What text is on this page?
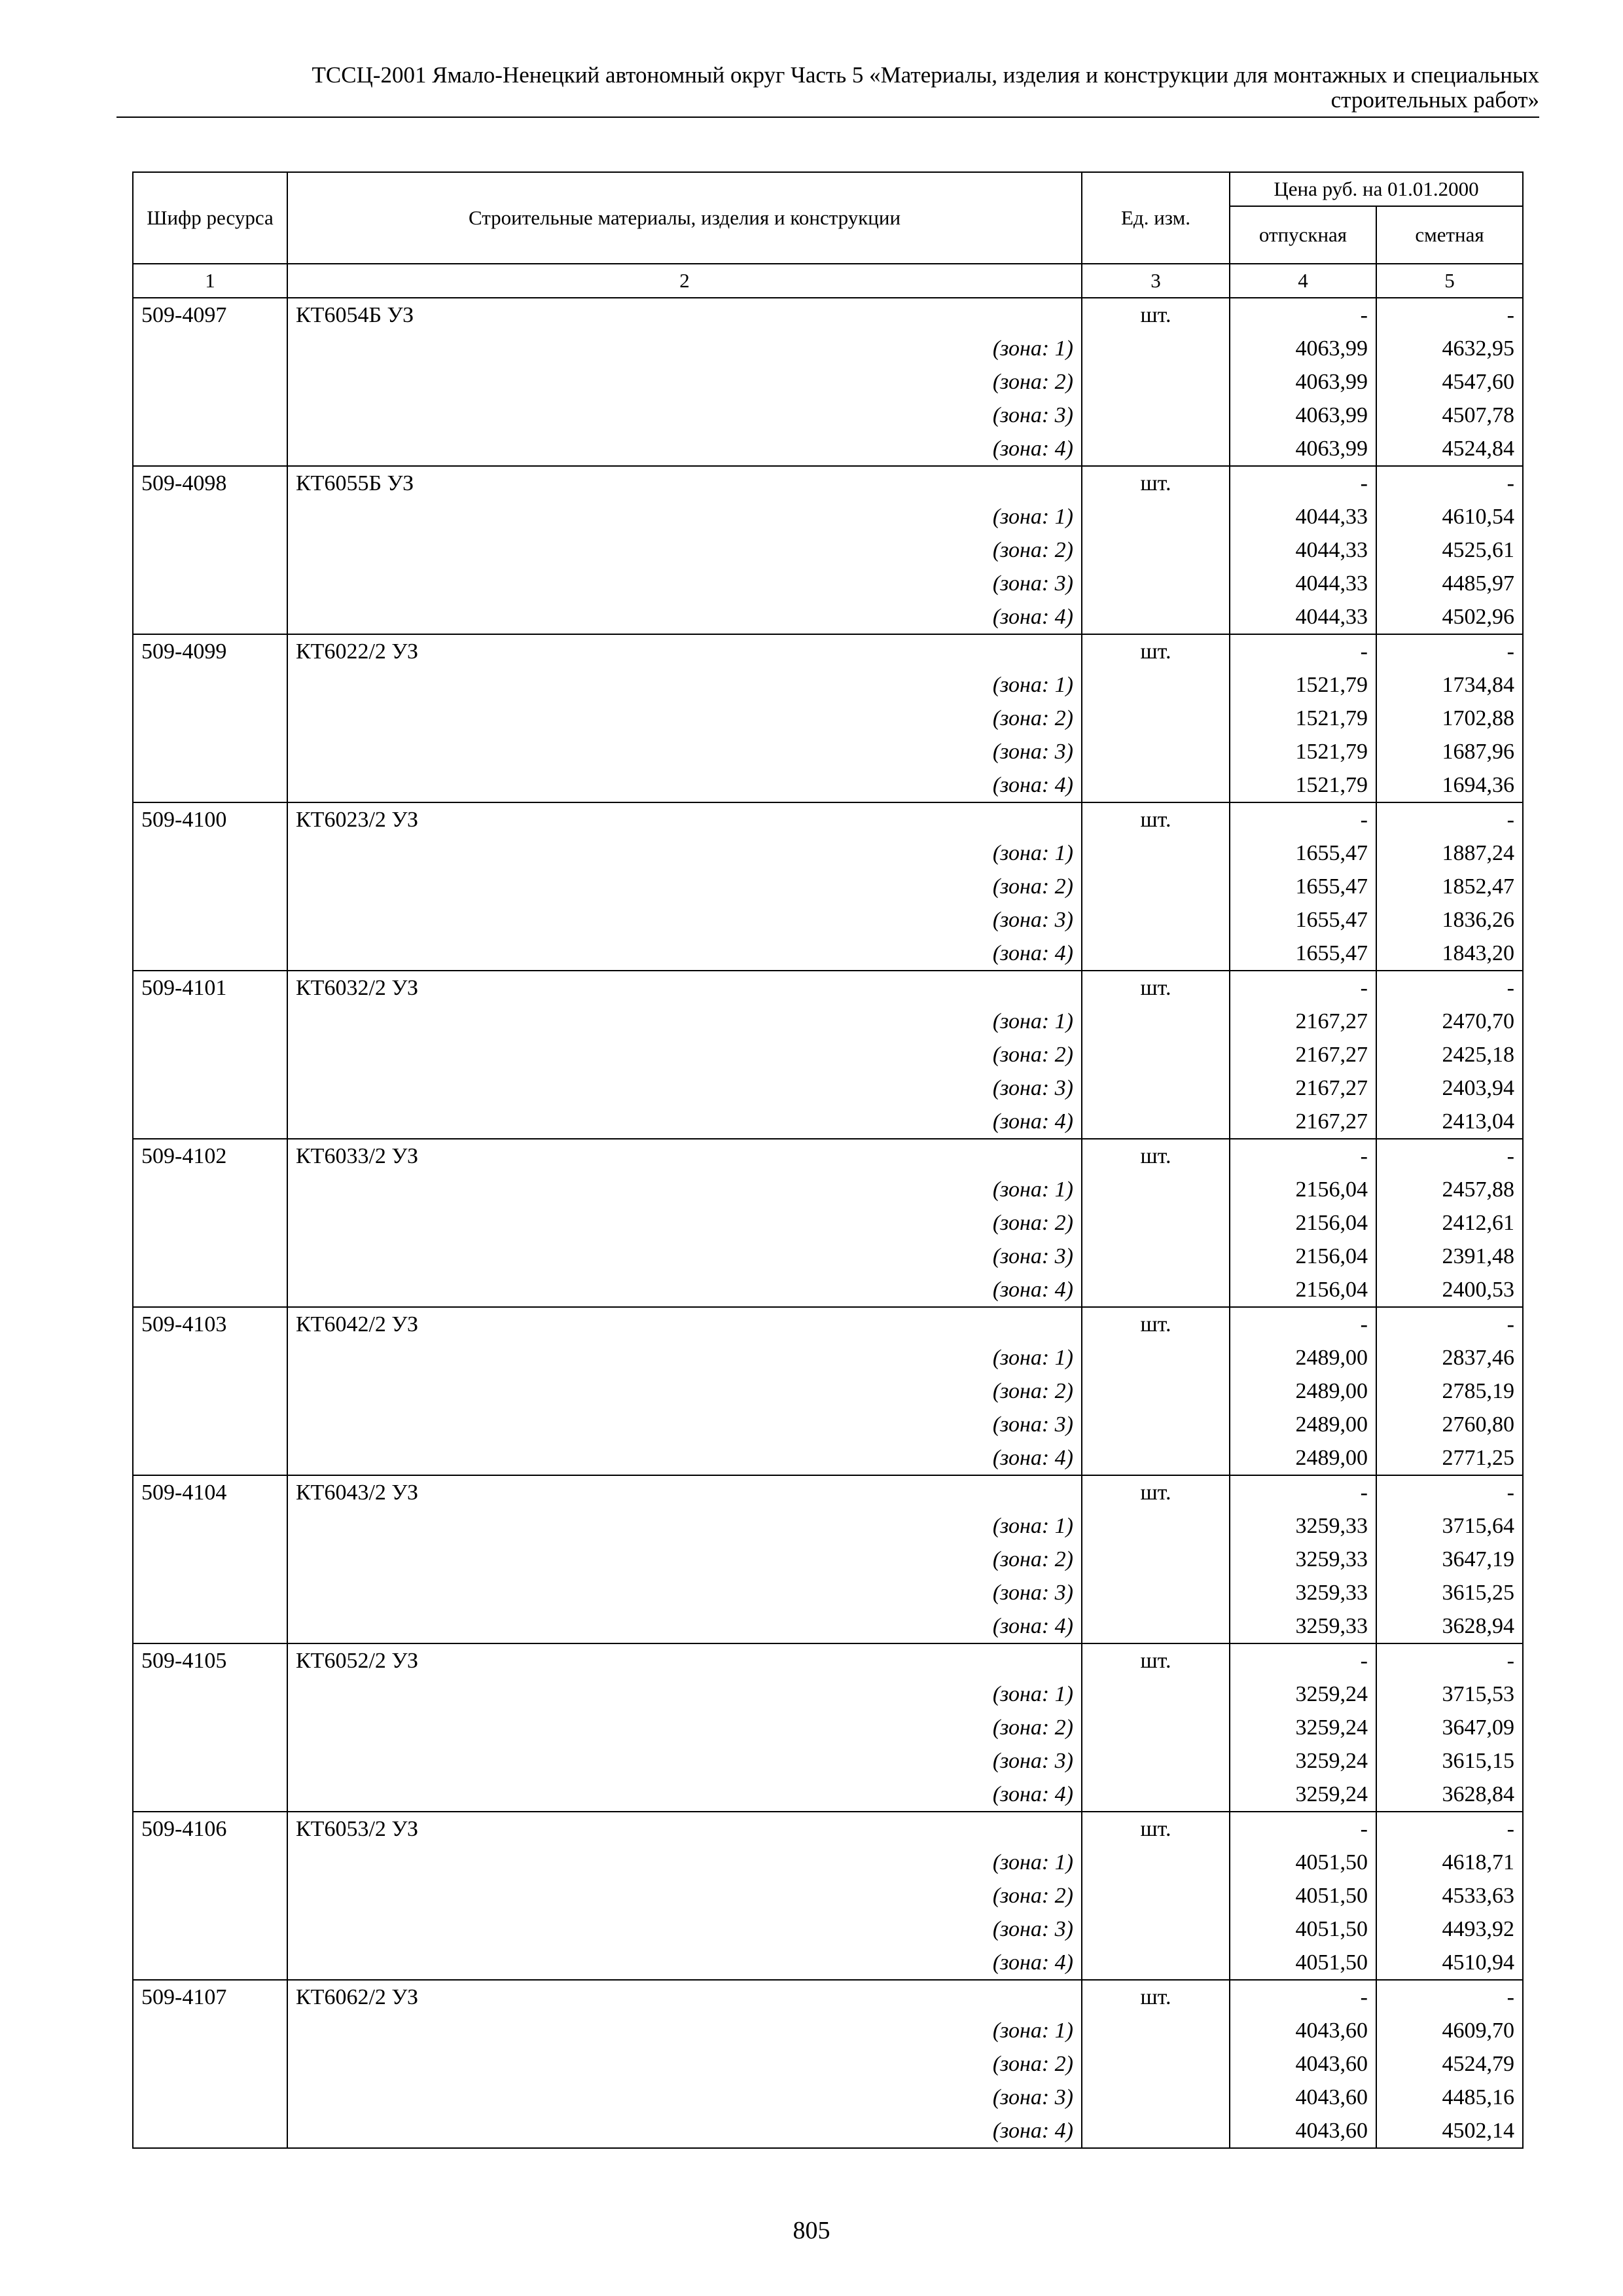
ТССЦ-2001 Ямало-Ненецкий автономный округ Часть 5 «Материалы, изделия и конструкции для монтажных и специальных
строительных работ»
Шифр ресурса	Строительные материалы, изделия и конструкции	Ед. изм.	Цена руб. на 01.01.2000	
			отпускная	сметная
1	2	3	4	5
509-4097	КТ6054Б УЗ	шт.	-	-
	(зона: 1)		4063,99	4632,95
	(зона: 2)		4063,99	4547,60
	(зона: 3)		4063,99	4507,78
	(зона: 4)		4063,99	4524,84
509-4098	КТ6055Б УЗ	шт.	-	-
	(зона: 1)		4044,33	4610,54
	(зона: 2)		4044,33	4525,61
	(зона: 3)		4044,33	4485,97
	(зона: 4)		4044,33	4502,96
509-4099	КТ6022/2 УЗ	шт.	-	-
	(зона: 1)		1521,79	1734,84
	(зона: 2)		1521,79	1702,88
	(зона: 3)		1521,79	1687,96
	(зона: 4)		1521,79	1694,36
509-4100	КТ6023/2 УЗ	шт.	-	-
	(зона: 1)		1655,47	1887,24
	(зона: 2)		1655,47	1852,47
	(зона: 3)		1655,47	1836,26
	(зона: 4)		1655,47	1843,20
509-4101	КТ6032/2 УЗ	шт.	-	-
	(зона: 1)		2167,27	2470,70
	(зона: 2)		2167,27	2425,18
	(зона: 3)		2167,27	2403,94
	(зона: 4)		2167,27	2413,04
509-4102	КТ6033/2 УЗ	шт.	-	-
	(зона: 1)		2156,04	2457,88
	(зона: 2)		2156,04	2412,61
	(зона: 3)		2156,04	2391,48
	(зона: 4)		2156,04	2400,53
509-4103	КТ6042/2 УЗ	шт.	-	-
	(зона: 1)		2489,00	2837,46
	(зона: 2)		2489,00	2785,19
	(зона: 3)		2489,00	2760,80
	(зона: 4)		2489,00	2771,25
509-4104	КТ6043/2 УЗ	шт.	-	-
	(зона: 1)		3259,33	3715,64
	(зона: 2)		3259,33	3647,19
	(зона: 3)		3259,33	3615,25
	(зона: 4)		3259,33	3628,94
509-4105	КТ6052/2 УЗ	шт.	-	-
	(зона: 1)		3259,24	3715,53
	(зона: 2)		3259,24	3647,09
	(зона: 3)		3259,24	3615,15
	(зона: 4)		3259,24	3628,84
509-4106	КТ6053/2 УЗ	шт.	-	-
	(зона: 1)		4051,50	4618,71
	(зона: 2)		4051,50	4533,63
	(зона: 3)		4051,50	4493,92
	(зона: 4)		4051,50	4510,94
509-4107	КТ6062/2 УЗ	шт.	-	-
	(зона: 1)		4043,60	4609,70
	(зона: 2)		4043,60	4524,79
	(зона: 3)		4043,60	4485,16
	(зона: 4)		4043,60	4502,14
805
